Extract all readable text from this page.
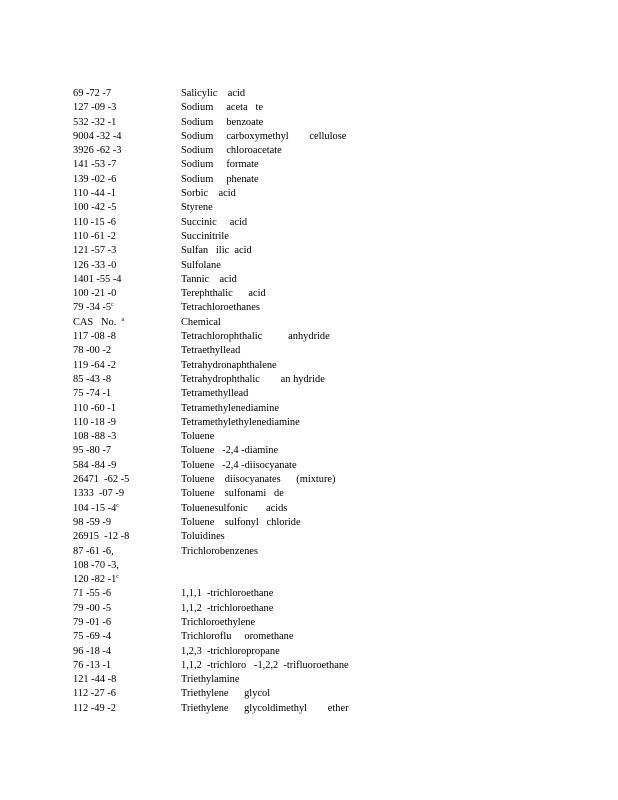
69 -72 -7	Salicylic    acid
127 -09 -3	Sodium     aceta   te
532 -32 -1	Sodium     benzoate
9004 -32 -4	Sodium     carboxymethyl        cellulose
3926 -62 -3	Sodium     chloroacetate
141 -53 -7	Sodium     formate
139 -02 -6	Sodium     phenate
110 -44 -1	Sorbic    acid
100 -42 -5	Styrene
110 -15 -6	Succinic     acid
110 -61 -2	Succinitrile
121 -57 -3	Sulfan   ilic  acid
126 -33 -0	Sulfolane
1401 -55 -4	Tannic    acid
100 -21 -0	Terephthalic      acid
79 -34 -5$^c$	Tetrachloroethanes
CAS   No.  $^a$	Chemical
117 -08 -8	Tetrachlorophthalic          anhydride
78 -00 -2	Tetraethyllead
119 -64 -2	Tetrahydronaphthalene
85 -43 -8	Tetrahydrophthalic        an hydride
75 -74 -1	Tetramethyllead
110 -60 -1	Tetramethylenediamine
110 -18 -9	Tetramethylethylenediamine
108 -88 -3	Toluene
95 -80 -7	Toluene   -2,4 -diamine
584 -84 -9	Toluene   -2,4 -diisocyanate
26471  -62 -5	Toluene    diisocyanates      (mixture)
1333  -07 -9	Toluene    sulfonami   de
104 -15 -4$^c$	Toluenesulfonic       acids
98 -59 -9	Toluene    sulfonyl   chloride
26915  -12 -8	Toluidines
87 -61 -6,	Trichlorobenzenes
108 -70 -3,
120 -82 -1$^c$
71 -55 -6	1,1,1  -trichloroethane
79 -00 -5	1,1,2  -trichloroethane
79 -01 -6	Trichloroethylene
75 -69 -4	Trichloroflu     oromethane
96 -18 -4	1,2,3  -trichloropropane
76 -13 -1	1,1,2  -trichloro   -1,2,2  -trifluoroethane
121 -44 -8	Triethylamine
112 -27 -6	Triethylene      glycol
112 -49 -2	Triethylene      glycoldimethyl        ether
